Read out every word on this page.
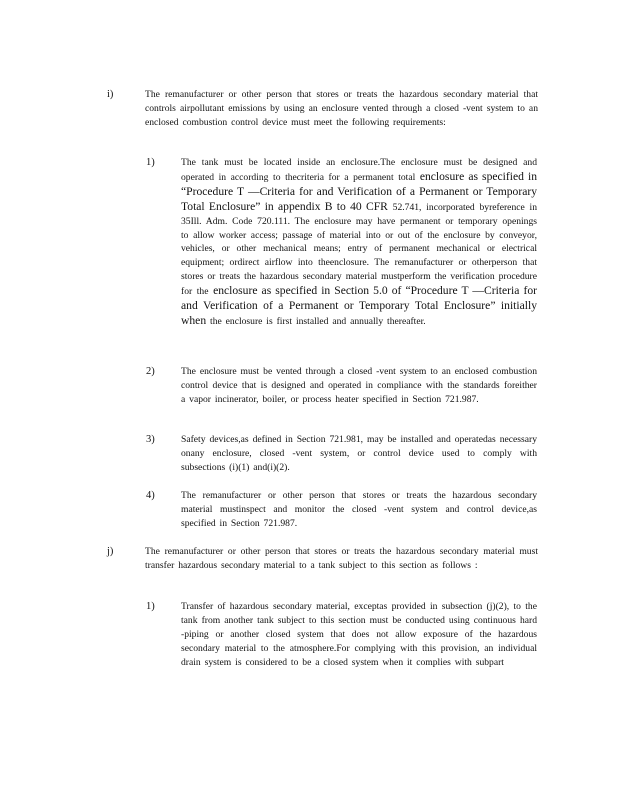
i)	The remanufacturer or other person that stores or treats the hazardous secondary material that controls airpollutant emissions by using an enclosure vented through a closed -vent system to an enclosed combustion control device must meet the following requirements:

1)	The tank must be located inside an enclosure.The enclosure must be designed and operated in according to thecriteria for a permanent total enclosure as specified in “Procedure T —Criteria for and Verification of a Permanent or Temporary Total Enclosure” in appendix B to 40 CFR 52.741, incorporated byreference in 35Ill. Adm. Code 720.111. The enclosure may have permanent or temporary openings to allow worker access; passage of material into or out of the enclosure by conveyor, vehicles, or other mechanical means; entry of permanent mechanical or electrical equipment; ordirect airflow into theenclosure. The remanufacturer or otherperson that stores or treats the hazardous secondary material mustperform the verification procedure for the enclosure as specified in Section 5.0 of “Procedure T —Criteria for and Verification of a Permanent or Temporary Total Enclosure” initially when the enclosure is first installed and annually thereafter.

2)	The enclosure must be vented through a closed -vent system to an enclosed combustion control device that is designed and operated in compliance with the standards foreither a vapor incinerator, boiler, or process heater specified in Section 721.987.

3)	Safety devices,as defined in Section 721.981, may be installed and operatedas necessary onany enclosure, closed -vent system, or control device used to comply with subsections (i)(1) and(i)(2).

4)	The remanufacturer or other person that stores or treats the hazardous secondary material mustinspect and monitor the closed -vent system and control device,as specified in Section 721.987.

j)	The remanufacturer or other person that stores or treats the hazardous secondary material must transfer hazardous secondary material to a tank subject to this section as follows :

1)	Transfer of hazardous secondary material, exceptas provided in subsection (j)(2), to the tank from another tank subject to this section must be conducted using continuous hard -piping or another closed system that does not allow exposure of the hazardous secondary material to the atmosphere.For complying with this provision, an individual drain system is considered to be a closed system when it complies with subpart
